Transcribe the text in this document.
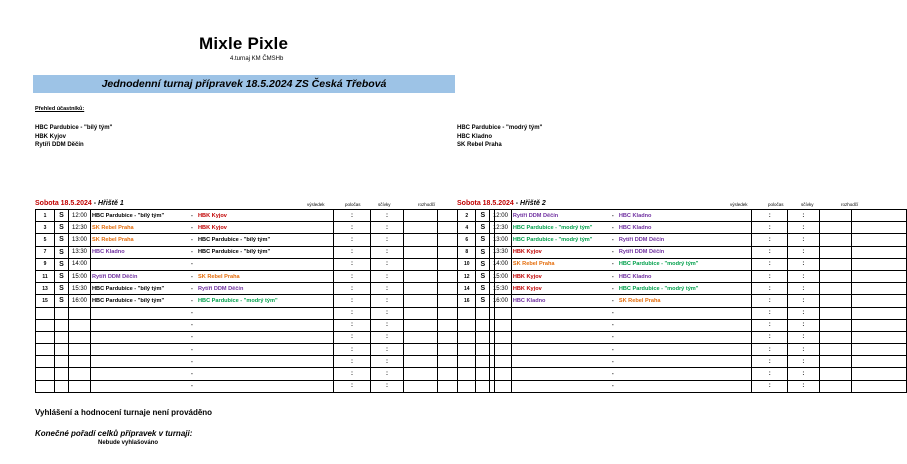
Mixle Pixle
4.turnaj KM ČMSHb
Jednodenní turnaj přípravek 18.5.2024 ZS Česká Třebová
Přehled účastníků:
HBC Pardubice - "bílý tým"
HBK Kyjov
Rytíři DDM Děčín
HBC Pardubice - "modrý tým"
HBC Kladno
SK Rebel Praha
Sobota 18.5.2024 - Hřiště 1	výsledek	poločas	sčívky	rozhodčí	Sobota 18.5.2024 - Hřiště 2	výsledek	poločas	sčívky	rozhodčí
1	S	12:00	HBC Pardubice - "bílý tým" - HBK Kyjov	:	:		
3	S	12:30	SK Rebel Praha - HBK Kyjov	:	:		
5	S	13:00	SK Rebel Praha - HBC Pardubice - "bílý tým"	:	:		
7	S	13:30	HBC Kladno - HBC Pardubice - "bílý tým"	:	:		
9	S	14:00	-	:	:		
11	S	15:00	Rytíři DDM Děčín - SK Rebel Praha	:	:		
13	S	15:30	HBC Pardubice - "bílý tým" - Rytíři DDM Děčín	:	:		
15	S	16:00	HBC Pardubice - "bílý tým" - HBC Pardubice - "modrý tým"	:	:		
			-	:	:		
			-	:	:		
			-	:	:		
			-	:	:		
			-	:	:		
			-	:	:		
			-	:	:		
2	S	12:00	Rytíři DDM Děčín - HBC Kladno	:	:		
4	S	12:30	HBC Pardubice - "modrý tým" - HBC Kladno	:	:		
6	S	13:00	HBC Pardubice - "modrý tým" - Rytíři DDM Děčín	:	:		
8	S	13:30	HBK Kyjov - Rytíři DDM Děčín	:	:		
10	S	14:00	SK Rebel Praha - HBC Pardubice - "modrý tým"	:	:		
12	S	15:00	HBK Kyjov - HBC Kladno	:	:		
14	S	15:30	HBK Kyjov - HBC Pardubice - "modrý tým"	:	:		
16	S	16:00	HBC Kladno - SK Rebel Praha	:	:		
			-	:	:		
			-	:	:		
			-	:	:		
			-	:	:		
			-	:	:		
			-	:	:		
			-	:	:		
Vyhlášení a hodnocení turnaje není prováděno
Konečné pořadí celků přípravek v turnaji:
Nebude vyhlašováno
